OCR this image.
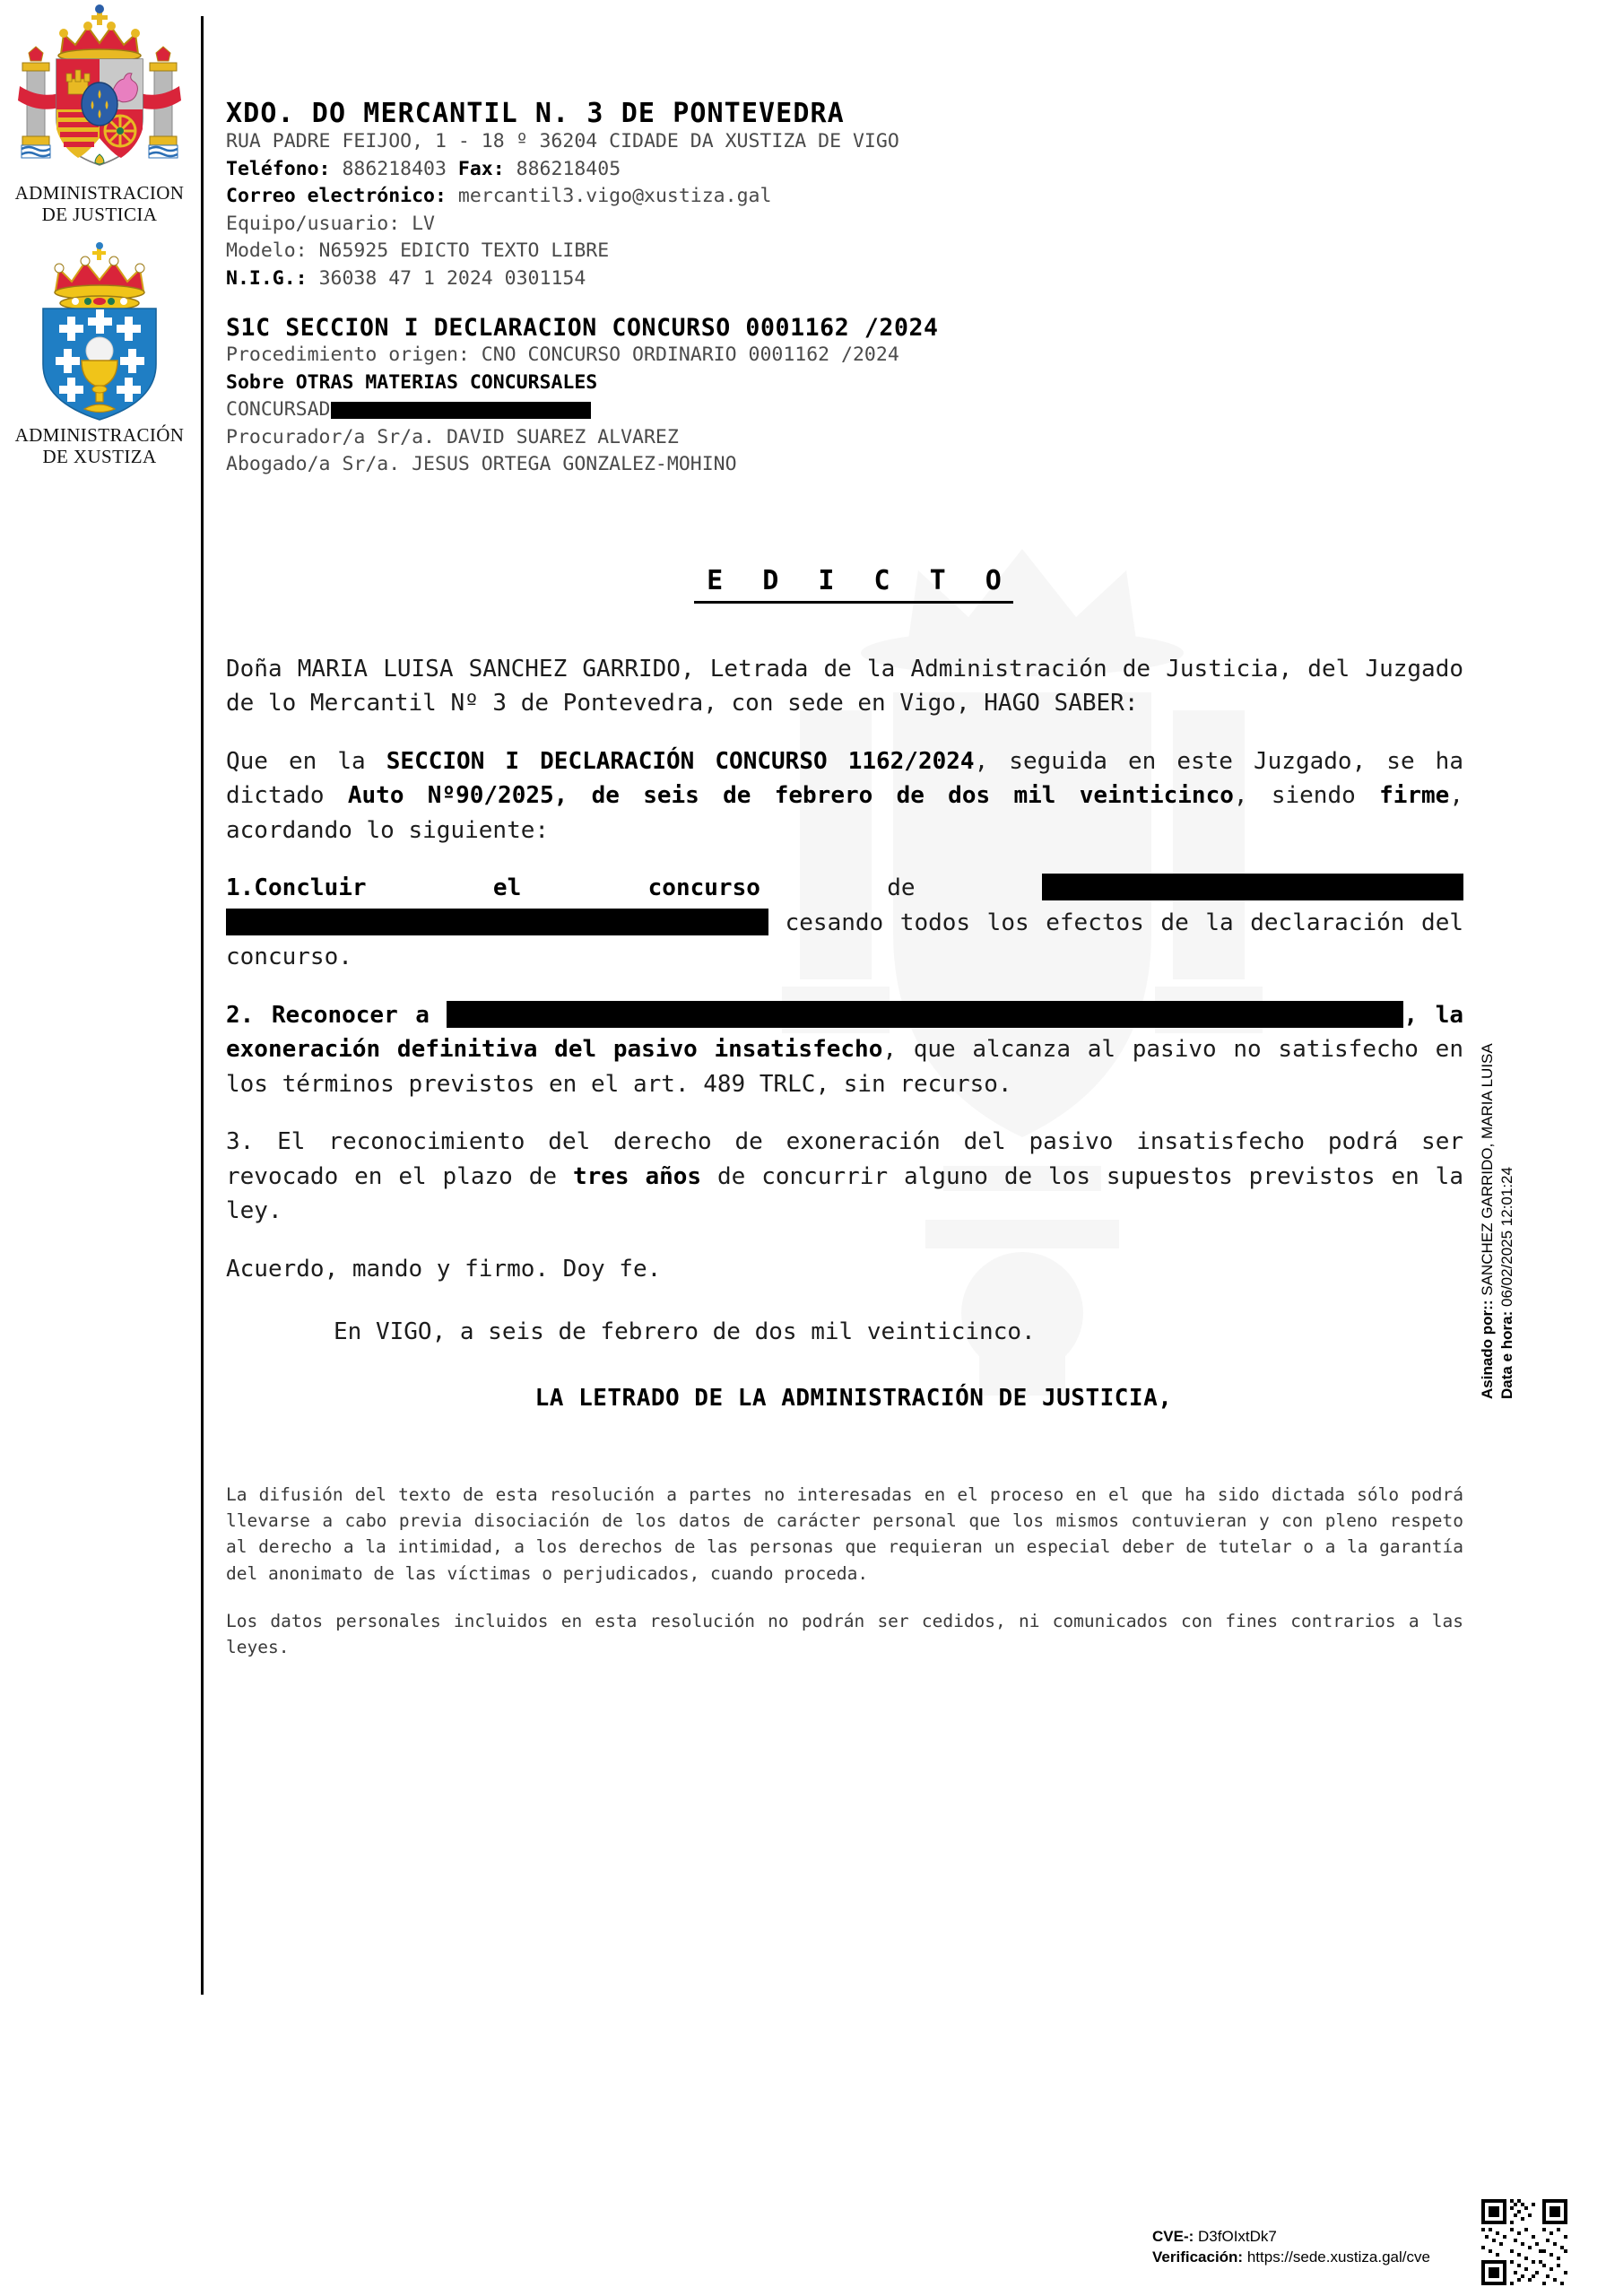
ADMINISTRACION
DE JUSTICIA
ADMINISTRACIÓN
DE XUSTIZA
XDO. DO MERCANTIL N. 3 DE PONTEVEDRA
RUA PADRE FEIJOO, 1 - 18 º 36204 CIDADE DA XUSTIZA DE VIGO
Teléfono: 886218403 Fax: 886218405
Correo electrónico: mercantil3.vigo@xustiza.gal
Equipo/usuario: LV
Modelo: N65925 EDICTO TEXTO LIBRE
N.I.G.: 36038 47 1 2024 0301154
S1C SECCION I DECLARACION CONCURSO 0001162 /2024
Procedimiento origen: CNO CONCURSO ORDINARIO 0001162 /2024
Sobre OTRAS MATERIAS CONCURSALES
CONCURSAD
Procurador/a Sr/a. DAVID SUAREZ ALVAREZ
Abogado/a Sr/a. JESUS ORTEGA GONZALEZ-MOHINO
E D I C T O

Doña MARIA LUISA SANCHEZ GARRIDO, Letrada de la Administración de Justicia, del Juzgado de lo Mercantil Nº 3 de Pontevedra, con sede en Vigo, HAGO SABER:

Que en la SECCION I DECLARACIÓN CONCURSO 1162/2024, seguida en este Juzgado, se ha dictado Auto Nº90/2025, de seis de febrero de dos mil veinticinco, siendo firme, acordando lo siguiente:

1.Concluir el concurso de  cesando todos los efectos de la declaración del concurso.

2. Reconocer a	, la exoneración definitiva del pasivo insatisfecho, que alcanza al pasivo no satisfecho en los términos previstos en el art. 489 TRLC, sin recurso.

3. El reconocimiento del derecho de exoneración del pasivo insatisfecho podrá ser revocado en el plazo de tres años de concurrir alguno de los supuestos previstos en la ley.

Acuerdo, mando y firmo. Doy fe.

En VIGO, a seis de febrero de dos mil veinticinco.
LA LETRADO DE LA ADMINISTRACIÓN DE JUSTICIA,

La difusión del texto de esta resolución a partes no interesadas en el proceso en el que ha sido dictada sólo podrá llevarse a cabo previa disociación de los datos de carácter personal que los mismos contuvieran y con pleno respeto al derecho a la intimidad, a los derechos de las personas que requieran un especial deber de tutelar o a la garantía del anonimato de las víctimas o perjudicados, cuando proceda.

Los datos personales incluidos en esta resolución no podrán ser cedidos, ni comunicados con fines contrarios a las leyes.

Asinado por:: SANCHEZ GARRIDO, MARIA LUISA
Data e hora: 06/02/2025 12:01:24
CVE-: D3fOIxtDk7
Verificación: https://sede.xustiza.gal/cve
